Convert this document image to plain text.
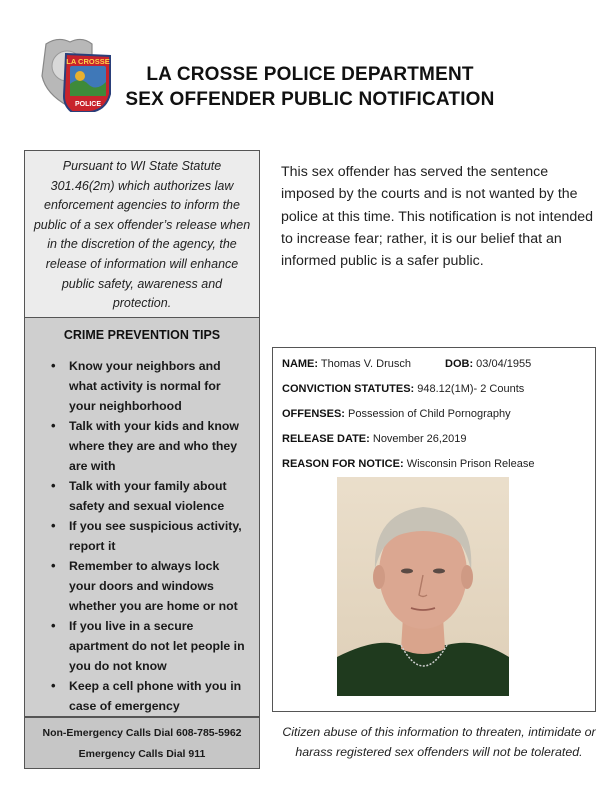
LA CROSSE
POLICE
LA CROSSE POLICE DEPARTMENT
SEX OFFENDER PUBLIC NOTIFICATION
Pursuant to WI State Statute 301.46(2m) which authorizes law enforcement agencies to inform the public of a sex offender’s release when in the discretion of the agency, the release of information will enhance public safety, awareness and protection.
CRIME PREVENTION TIPS
• Know your neighbors and what activity is normal for your neighborhood
• Talk with your kids and know where they are and who they are with
• Talk with your family about safety and sexual violence
• If you see suspicious activity, report it
• Remember to always lock your doors and windows whether you are home or not
• If you live in a secure apartment do not let people in you do not know
• Keep a cell phone with you in case of emergency
Non-Emergency Calls Dial 608-785-5962
Emergency Calls Dial 911
This sex offender has served the sentence imposed by the courts and is not wanted by the police at this time. This notification is not intended to increase fear; rather, it is our belief that an informed public is a safer public.
NAME: Thomas V. Drusch	DOB: 03/04/1955
CONVICTION STATUTES: 948.12(1M)- 2 Counts
OFFENSES: Possession of Child Pornography
RELEASE DATE: November 26,2019
REASON FOR NOTICE: Wisconsin Prison Release
Citizen abuse of this information to threaten, intimidate or harass registered sex offenders will not be tolerated.
